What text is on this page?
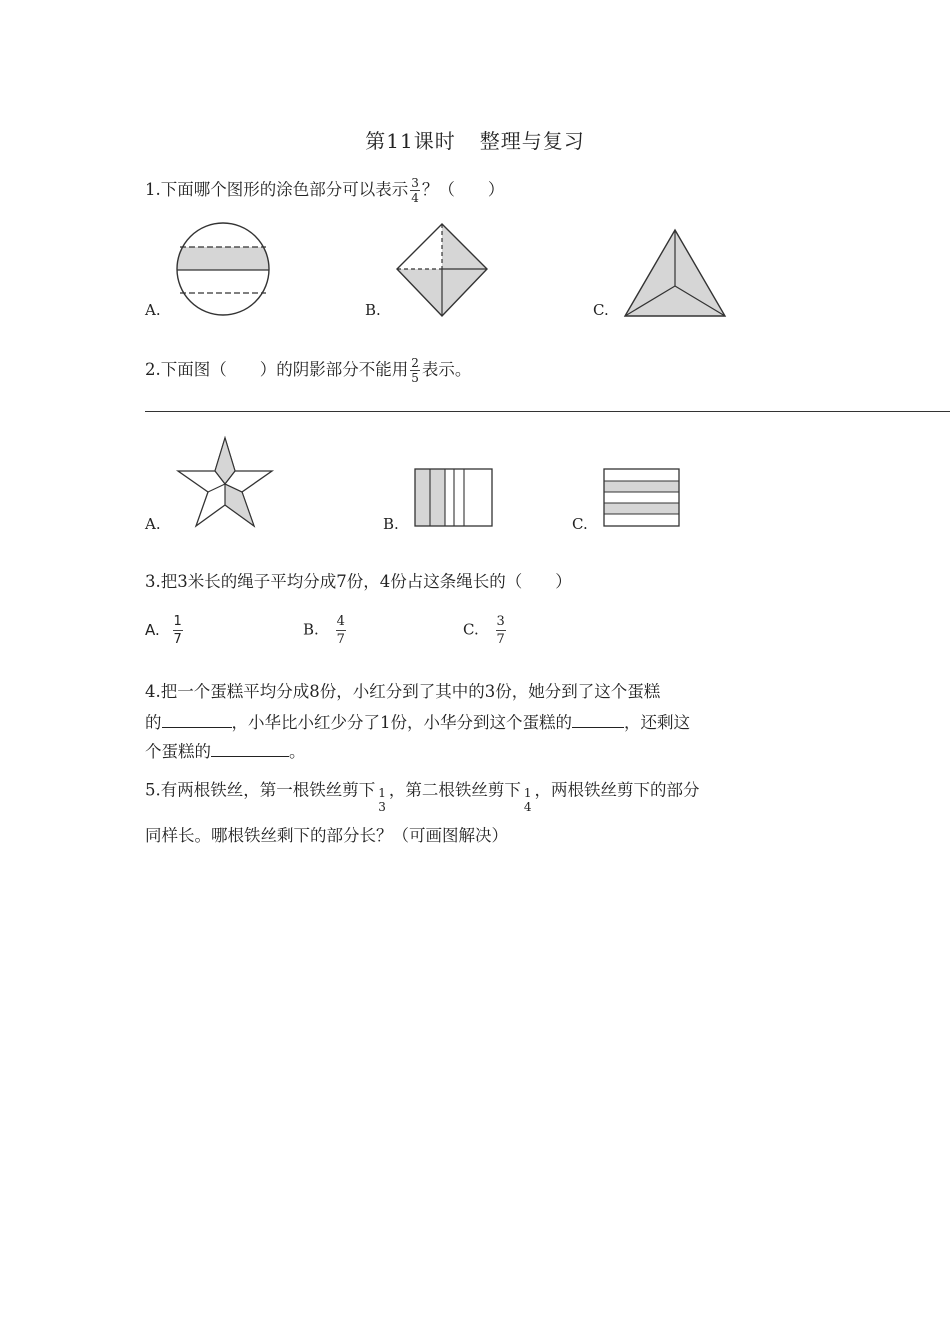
第11课时 整理与复习
1.下面哪个图形的涂色部分可以表示 $\frac{3}{4}$ ？（　　）
A.	B.	C.
2.下面图（　　）的阴影部分不能用 $\frac{2}{5}$ 表示。
A.	B.	C.
3.把3米长的绳子平均分成7份，4份占这条绳长的（　　）
A. $\frac{1}{7}$	B. $\frac{4}{7}$	C. $\frac{3}{7}$
4.把一个蛋糕平均分成8份，小红分到了其中的3份，她分到了这个蛋糕
的	，小华比小红少分了1份，小华分到这个蛋糕的	，还剩这
个蛋糕的	。
5.有两根铁丝，第一根铁丝剪下 1
3
，第二根铁丝剪下 1
4
，两根铁丝剪下的部分
同样长。哪根铁丝剩下的部分长？（可画图解决）
